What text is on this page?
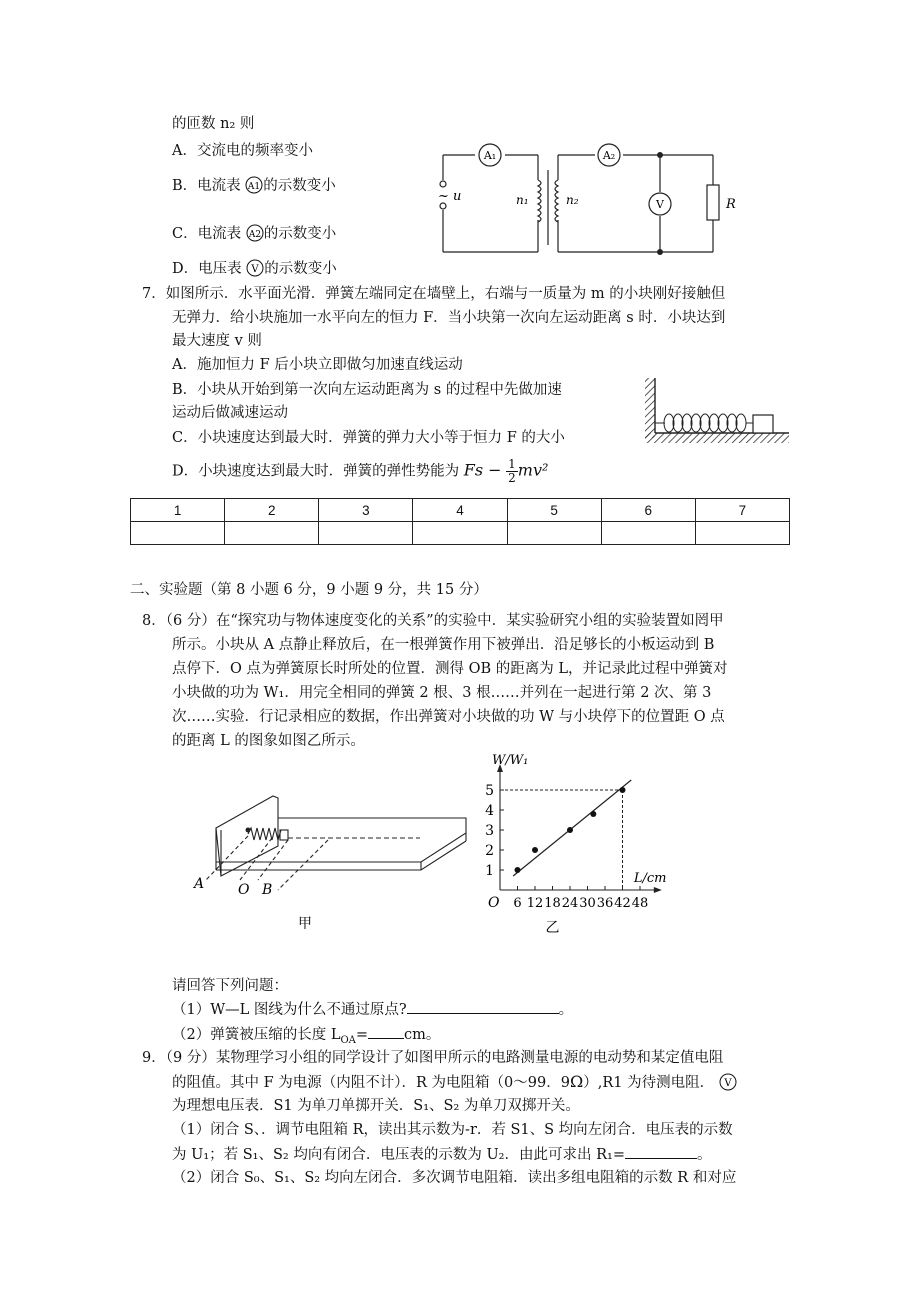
的匝数 n₂ 则
A．交流电的频率变小
B．电流表 A1 的示数变小
C．电流表 A2 的示数变小
D．电压表 V 的示数变小
A₁	A₂
V	R
~ u	n₁	n₂
7．如图所示．水平面光滑．弹簧左端同定在墙壁上，右端与一质量为 m 的小块刚好接触但
无弹力．给小块施加一水平向左的恒力 F．当小块第一次向左运动距离 s 时．小块达到
最大速度 v 则
A．施加恒力 F 后小块立即做匀加速直线运动
B．小块从开始到第一次向左运动距离为 s 的过程中先做加速
运动后做减速运动
C．小块速度达到最大时．弹簧的弹力大小等于恒力 F 的大小
D．小块速度达到最大时．弹簧的弹性势能为 $Fs - \frac{1}{2} mv^2$
1	2	3	4	5	6	7

二、实验题（第 8 小题 6 分，9 小题 9 分，共 15 分）
8．（6 分）在“探究功与物体速度变化的关系”的实验中．某实验研究小组的实验装置如罔甲
所示。小块从 A 点静止释放后，在一根弹簧作用下被弹出．沿足够长的小板运动到 B
点停下．O 点为弹簧原长时所处的位置．测得 OB 的距离为 L，并记录此过程中弹簧对
小块做的功为 W₁．用完全相同的弹簧 2 根、3 根……并列在一起进行第 2 次、第 3
次……实验．行记录相应的数据，作出弹簧对小块做的功 W 与小块停下的位置距 O 点
的距离 L 的图象如图乙所示。
A O B
甲
1
2
3
4
5
6 12 18 24 30 36 42 48
O
W/W₁
L/cm
乙
请回答下列问题：
（1）W—L 图线为什么不通过原点?	。
（2）弹簧被压缩的长度 $L_{OA}=$ cm。
9．（9 分）某物理学习小组的同学设计了如图甲所示的电路测量电源的电动势和某定值电阻
的阻值。其中 F 为电源（内阻不计）．R 为电阻箱（0～99．9Ω）,R1 为待测电阻． V
为理想电压表．S1 为单刀单掷开关．S₁、S₂ 为单刀双掷开关。
（1）闭合 S、．调节电阻箱 R，读出其示数为-r．若 S1、S 均向左闭合．电压表的示数
为 U₁；若 S₁、S₂ 均向有闭合．电压表的示数为 U₂．由此可求出 R₁=	。
（2）闭合 S₀、S₁、S₂ 均向左闭合．多次调节电阻箱．读出多组电阻箱的示数 R 和对应
